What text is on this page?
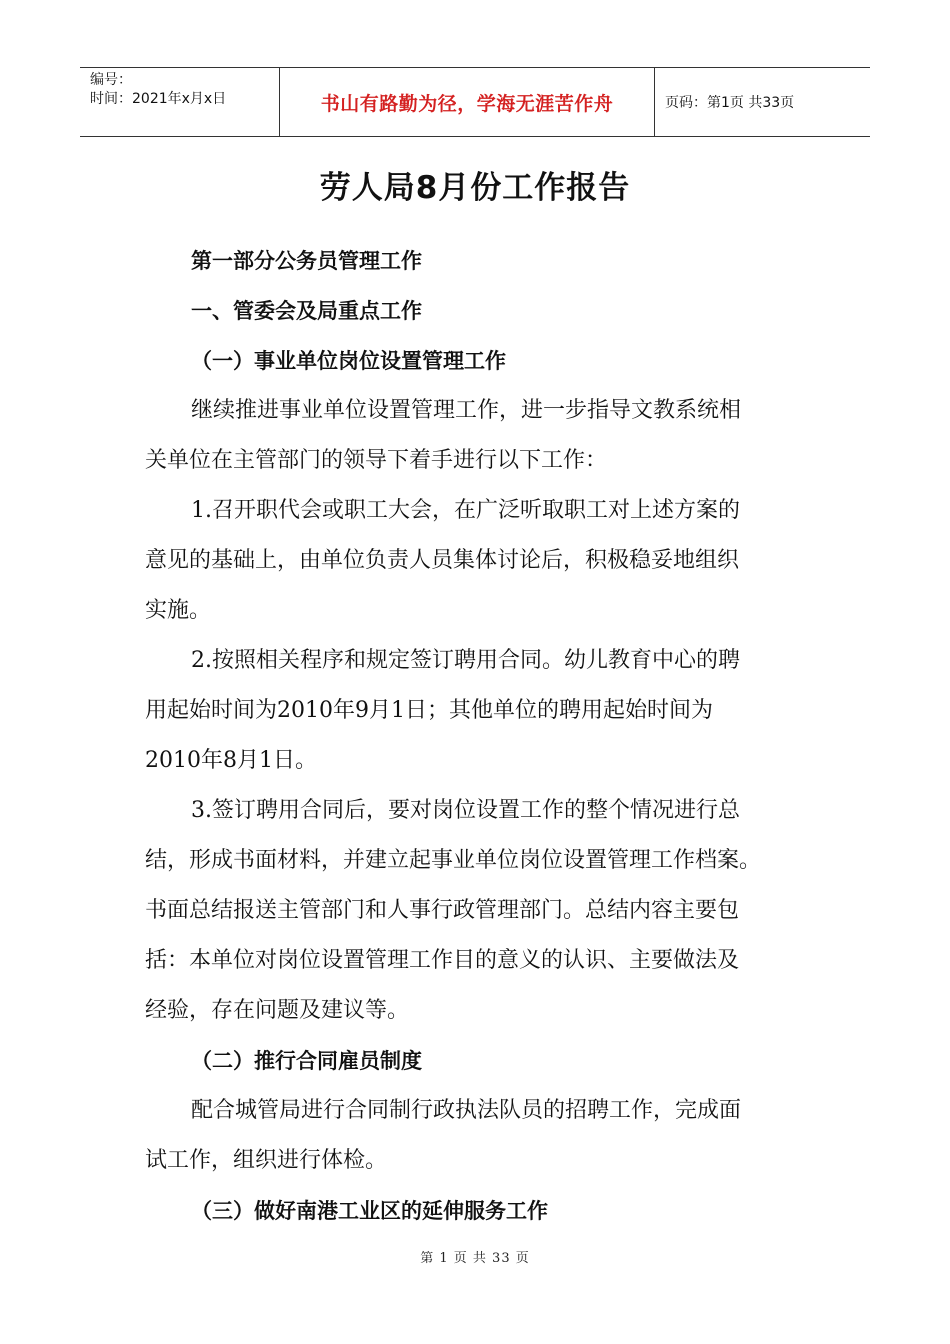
编号：
时间：2021年x月x日	书山有路勤为径，学海无涯苦作舟	页码：第1页 共33页
劳人局8月份工作报告
第一部分公务员管理工作
一、管委会及局重点工作
（一）事业单位岗位设置管理工作
继续推进事业单位设置管理工作，进一步指导文教系统相
关单位在主管部门的领导下着手进行以下工作：
1.召开职代会或职工大会，在广泛听取职工对上述方案的
意见的基础上，由单位负责人员集体讨论后，积极稳妥地组织
实施。
2.按照相关程序和规定签订聘用合同。幼儿教育中心的聘
用起始时间为2010年9月1日；其他单位的聘用起始时间为
2010年8月1日。
3.签订聘用合同后，要对岗位设置工作的整个情况进行总
结，形成书面材料，并建立起事业单位岗位设置管理工作档案。
书面总结报送主管部门和人事行政管理部门。总结内容主要包
括：本单位对岗位设置管理工作目的意义的认识、主要做法及
经验，存在问题及建议等。
（二）推行合同雇员制度
配合城管局进行合同制行政执法队员的招聘工作，完成面
试工作，组织进行体检。
（三）做好南港工业区的延伸服务工作
第 1 页 共 33 页
